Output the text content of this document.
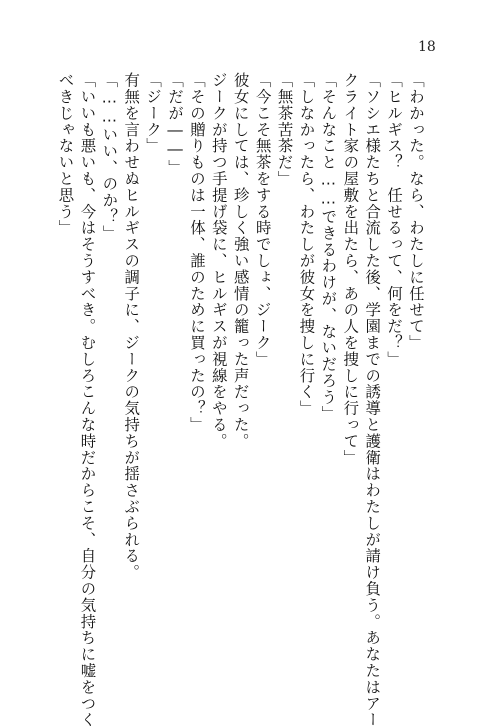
18
「わかった。なら、わたしに任せて」
「ヒルギス？　任せるって、何をだ？」
「ソシエ様たちと合流した後、学園までの誘導と護衛はわたしが請け負う。あなたはアー
クライト家の屋敷を出たら、あの人を捜しに行って」
「そんなこと……できるわけが、ないだろう」
「しなかったら、わたしが彼女を捜しに行く」
「無茶苦茶だ」
「今こそ無茶をする時でしょ、ジーク」
彼女にしては、珍しく強い感情の籠った声だった。
ジークが持つ手提げ袋に、ヒルギスが視線をやる。
「その贈りものは一体、誰のために買ったの？」
「だが――」
「ジーク」
有無を言わせぬヒルギスの調子に、ジークの気持ちが揺さぶられる。
「……いい、のか？」
「いいも悪いも、今はそうすべき。むしろこんな時だからこそ、自分の気持ちに嘘をつく
べきじゃないと思う」
